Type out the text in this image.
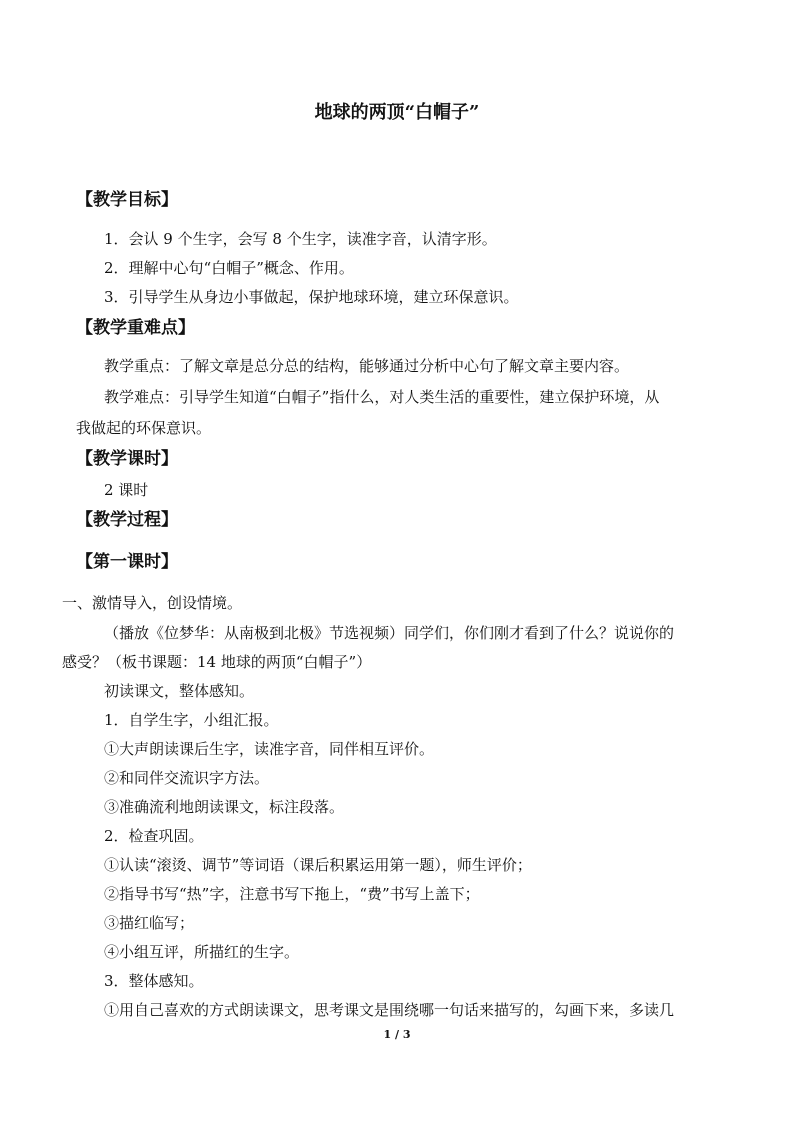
地球的两顶“白帽子”
【教学目标】
1．会认 9 个生字，会写 8 个生字，读准字音，认清字形。
2．理解中心句“白帽子”概念、作用。
3．引导学生从身边小事做起，保护地球环境，建立环保意识。
【教学重难点】
教学重点：了解文章是总分总的结构，能够通过分析中心句了解文章主要内容。
教学难点：引导学生知道“白帽子”指什么，对人类生活的重要性，建立保护环境，从
我做起的环保意识。
【教学课时】
2 课时
【教学过程】
【第一课时】
一、激情导入，创设情境。
（播放《位梦华：从南极到北极》节选视频）同学们，你们刚才看到了什么？说说你的
感受？（板书课题：14 地球的两顶“白帽子”）
初读课文，整体感知。
1．自学生字，小组汇报。
①大声朗读课后生字，读准字音，同伴相互评价。
②和同伴交流识字方法。
③准确流利地朗读课文，标注段落。
2．检查巩固。
①认读“滚烫、调节”等词语（课后积累运用第一题），师生评价；
②指导书写“热”字，注意书写下拖上，“费”书写上盖下；
③描红临写；
④小组互评，所描红的生字。
3．整体感知。
①用自己喜欢的方式朗读课文，思考课文是围绕哪一句话来描写的，勾画下来，多读几
1 / 3
